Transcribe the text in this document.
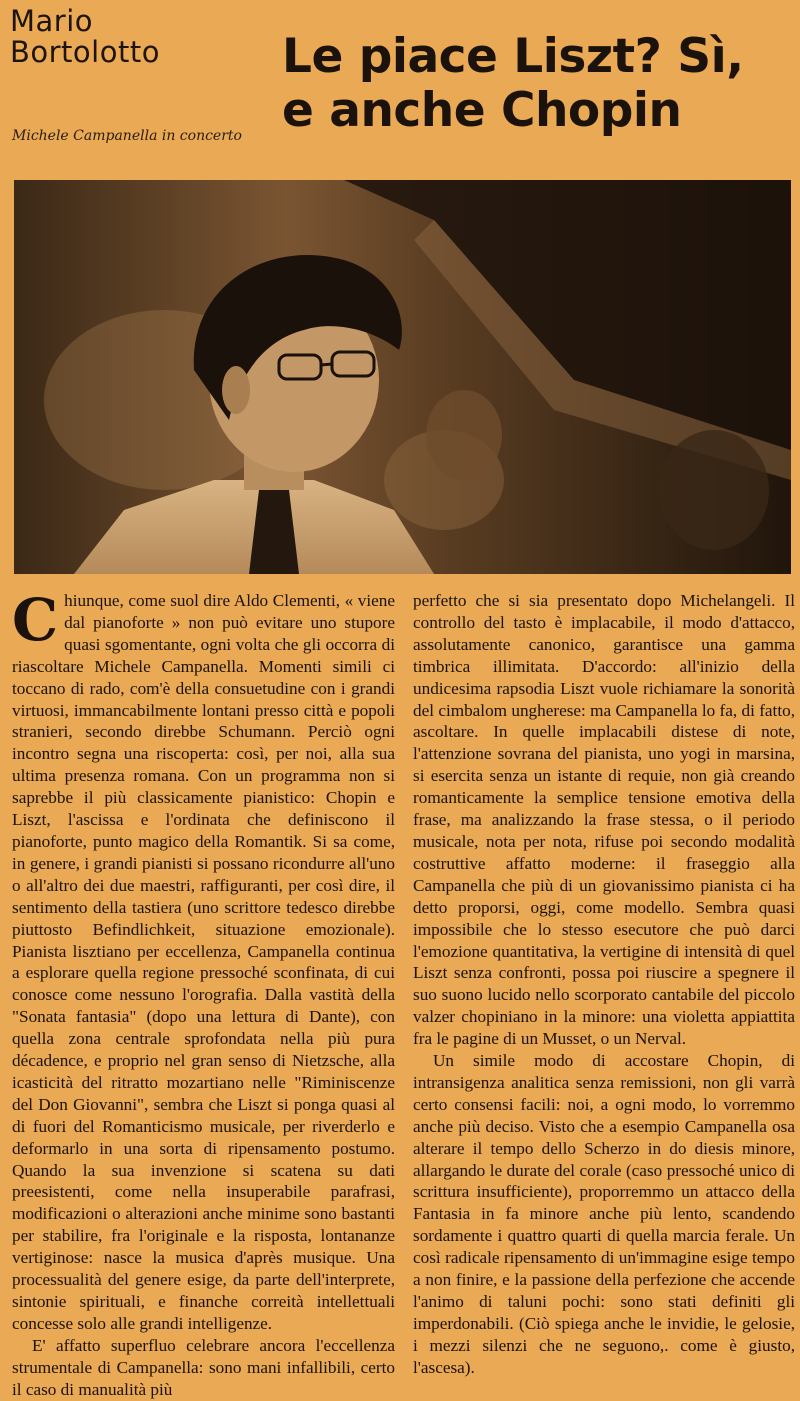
Mario
Bortolotto	Le piace Liszt? Sì,
e anche Chopin
Michele Campanella in concerto

Chiunque, come suol dire Aldo Clementi, « viene dal pianoforte » non può evitare uno stupore quasi sgomentante, ogni volta che gli occorra di riascoltare Michele Campanella. Momenti simili ci toccano di rado, com'è della consuetudine con i grandi virtuosi, immancabilmente lontani presso città e popoli stranieri, secondo direbbe Schumann. Perciò ogni incontro segna una riscoperta: così, per noi, alla sua ultima presenza romana. Con un programma non si saprebbe il più classicamente pianistico: Chopin e Liszt, l'ascissa e l'ordinata che definiscono il pianoforte, punto magico della Romantik. Si sa come, in genere, i grandi pianisti si possano ricondurre all'uno o all'altro dei due maestri, raffiguranti, per così dire, il sentimento della tastiera (uno scrittore tedesco direbbe piuttosto Befindlichkeit, situazione emozionale). Pianista lisztiano per eccellenza, Campanella continua a esplorare quella regione pressoché sconfinata, di cui conosce come nessuno l'orografia. Dalla vastità della "Sonata fantasia" (dopo una lettura di Dante), con quella zona centrale sprofondata nella più pura décadence, e proprio nel gran senso di Nietzsche, alla icasticità del ritratto mozartiano nelle "Riminiscenze del Don Giovanni", sembra che Liszt si ponga quasi al di fuori del Romanticismo musicale, per riverderlo e deformarlo in una sorta di ripensamento postumo. Quando la sua invenzione si scatena su dati preesistenti, come nella insuperabile parafrasi, modificazioni o alterazioni anche minime sono bastanti per stabilire, fra l'originale e la risposta, lontananze vertiginose: nasce la musica d'après musique. Una processualità del genere esige, da parte dell'interprete, sintonie spirituali, e finanche correità intellettuali concesse solo alle grandi intelligenze.

E' affatto superfluo celebrare ancora l'eccellenza strumentale di Campanella: sono mani infallibili, certo il caso di manualità più

perfetto che si sia presentato dopo Michelangeli. Il controllo del tasto è implacabile, il modo d'attacco, assolutamente canonico, garantisce una gamma timbrica illimitata. D'accordo: all'inizio della undicesima rapsodia Liszt vuole richiamare la sonorità del cimbalom ungherese: ma Campanella lo fa, di fatto, ascoltare. In quelle implacabili distese di note, l'attenzione sovrana del pianista, uno yogi in marsina, si esercita senza un istante di requie, non già creando romanticamente la semplice tensione emotiva della frase, ma analizzando la frase stessa, o il periodo musicale, nota per nota, rifuse poi secondo modalità costruttive affatto moderne: il fraseggio alla Campanella che più di un giovanissimo pianista ci ha detto proporsi, oggi, come modello. Sembra quasi impossibile che lo stesso esecutore che può darci l'emozione quantitativa, la vertigine di intensità di quel Liszt senza confronti, possa poi riuscire a spegnere il suo suono lucido nello scorporato cantabile del piccolo valzer chopiniano in la minore: una violetta appiattita fra le pagine di un Musset, o un Nerval.

Un simile modo di accostare Chopin, di intransigenza analitica senza remissioni, non gli varrà certo consensi facili: noi, a ogni modo, lo vorremmo anche più deciso. Visto che a esempio Campanella osa alterare il tempo dello Scherzo in do diesis minore, allargando le durate del corale (caso pressoché unico di scrittura insufficiente), proporremmo un attacco della Fantasia in fa minore anche più lento, scandendo sordamente i quattro quarti di quella marcia ferale. Un così radicale ripensamento di un'immagine esige tempo a non finire, e la passione della perfezione che accende l'animo di taluni pochi: sono stati definiti gli imperdonabili. (Ciò spiega anche le invidie, le gelosie, i mezzi silenzi che ne seguono,. come è giusto, l'ascesa).
